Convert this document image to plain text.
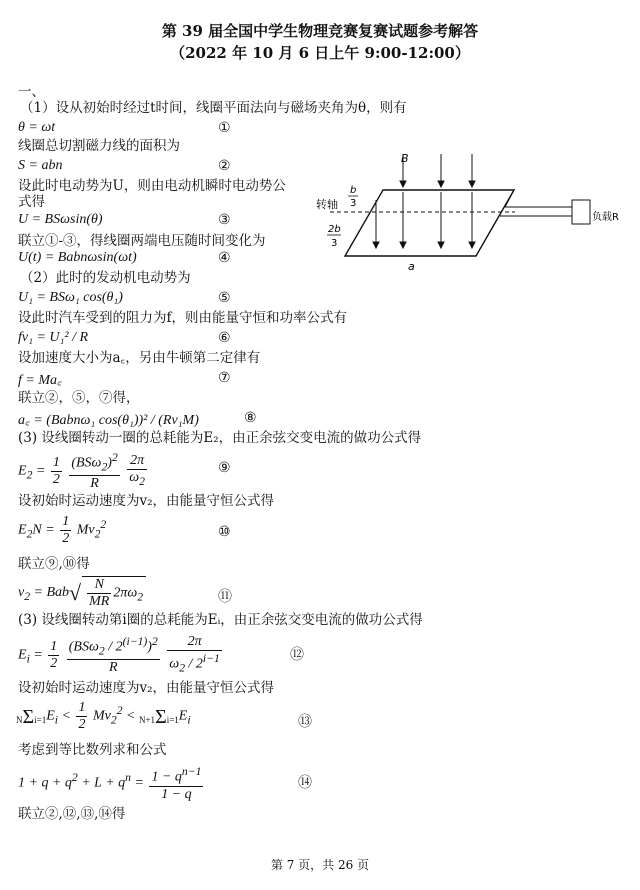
第 39 届全国中学生物理竞赛复赛试题参考解答
（2022 年 10 月 6 日上午 9:00-12:00）
一、
（1）设从初始时经过t时间，线圈平面法向与磁场夹角为θ，则有
θ = ωt	①
线圈总切割磁力线的面积为
S = abn	②
设此时电动势为U，则由电动机瞬时电动势公
式得
U = BSωsin(θ)	③
联立①-③，得线圈两端电压随时间变化为
U(t) = Babnωsin(ωt)	④
（2）此时的发动机电动势为
U₁ = BSω₁ cos(θ₁)	⑤
设此时汽车受到的阻力为f，则由能量守恒和功率公式有
fv₁ = U₁² / R	⑥
设加速度大小为a꜀，另由牛顿第二定律有
f = Ma꜀	⑦
联立②，⑤，⑦得，
a꜀ = (Babnω₁ cos(θ₁))² / (Rv₁M)	⑧
(3) 设线圈转动一圈的总耗能为E₂，由正余弦交变电流的做功公式得
$E_2 = \frac{1}{2}$
$\frac{(BS\omega_2)^2}{R}$
$\frac{2\pi}{\omega_2}$	⑨
设初始时运动速度为v₂，由能量守恒公式得
$E_2N = \frac{1}{2} Mv_2^2$	⑩
联立⑨,⑩得
$v_2 = Bab√ \frac{N}{MR} 2\pi\omega_2$	⑪
(3) 设线圈转动第i圈的总耗能为Eᵢ，由正余弦交变电流的做功公式得
$E_i = \frac{1}{2}$
$\frac{(BS\omega_2 / 2^{(i-1)})^2}{R}$
$\frac{2\pi}{\omega_2 / 2^{i-1}}$	⑫
设初始时运动速度为v₂，由能量守恒公式得
$N\Sigma i=1E_i < \frac{1}{2} Mv_2^2 < N+1\Sigma i=1E_i$	⑬
考虑到等比数列求和公式
$1 + q + q^2 + L + q^n = \frac{1 - q^{n-1}}{1 - q}$	⑭
联立②,⑫,⑬,⑭得
第 7 页，共 26 页
B
负载R
转轴
b
3
2b
3
a
